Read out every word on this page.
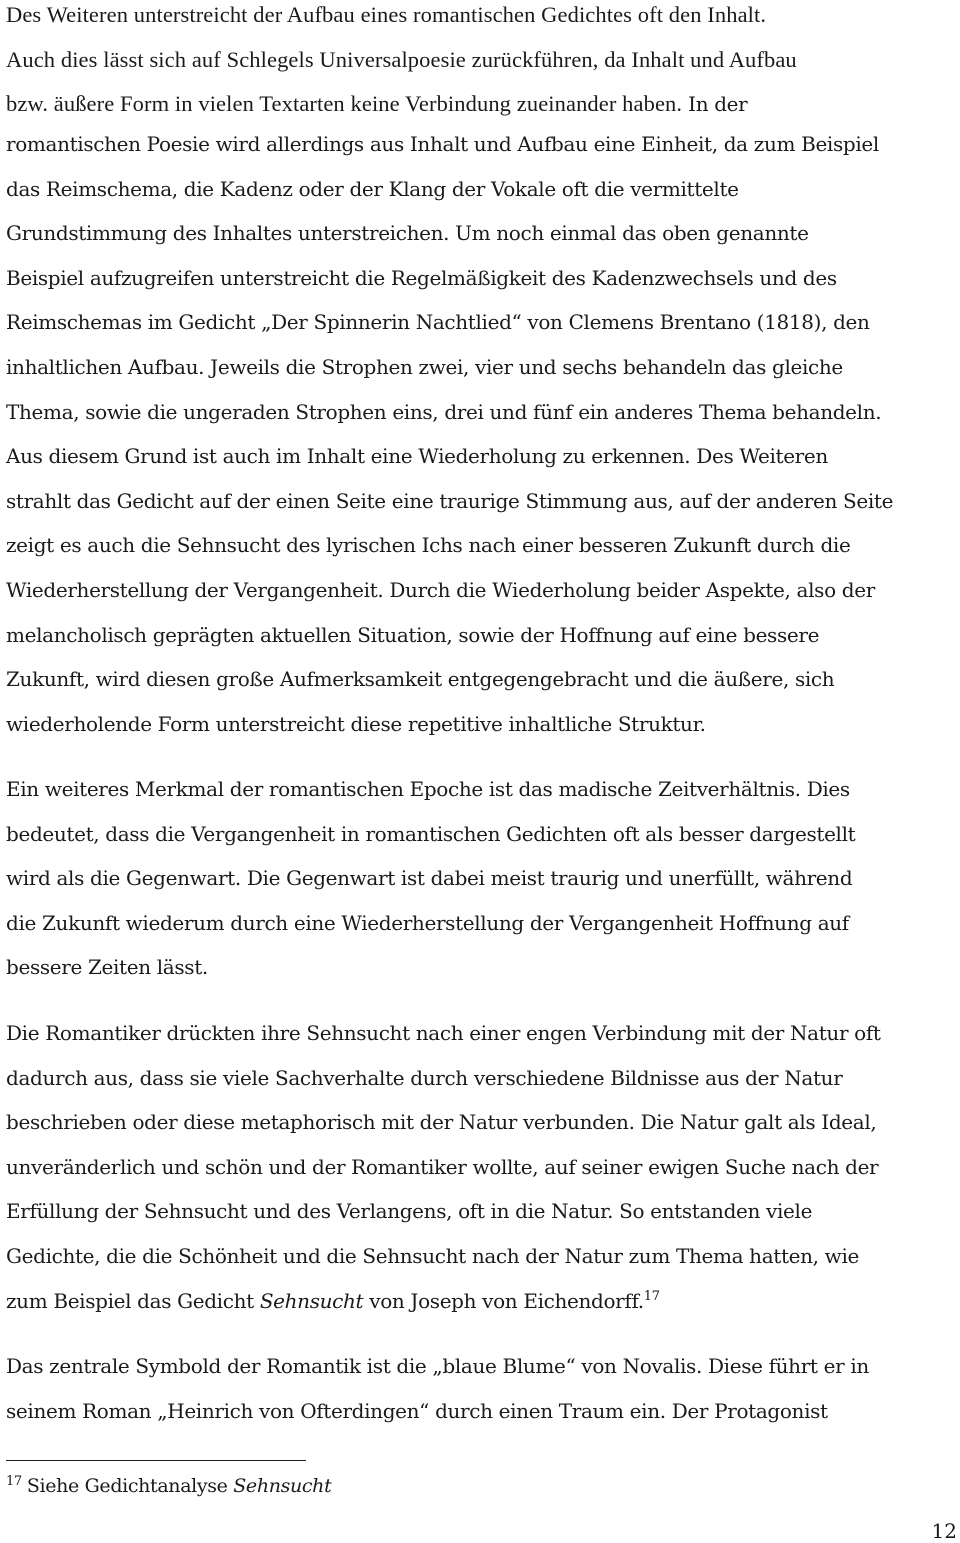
Des Weiteren unterstreicht der Aufbau eines romantischen Gedichtes oft den Inhalt.
Auch dies lässt sich auf Schlegels Universalpoesie zurückführen, da Inhalt und Aufbau
bzw. äußere Form in vielen Textarten keine Verbindung zueinander haben. In der
romantischen Poesie wird allerdings aus Inhalt und Aufbau eine Einheit, da zum Beispiel
das Reimschema, die Kadenz oder der Klang der Vokale oft die vermittelte
Grundstimmung des Inhaltes unterstreichen. Um noch einmal das oben genannte
Beispiel aufzugreifen unterstreicht die Regelmäßigkeit des Kadenzwechsels und des
Reimschemas im Gedicht „Der Spinnerin Nachtlied“ von Clemens Brentano (1818), den
inhaltlichen Aufbau. Jeweils die Strophen zwei, vier und sechs behandeln das gleiche
Thema, sowie die ungeraden Strophen eins, drei und fünf ein anderes Thema behandeln.
Aus diesem Grund ist auch im Inhalt eine Wiederholung zu erkennen. Des Weiteren
strahlt das Gedicht auf der einen Seite eine traurige Stimmung aus, auf der anderen Seite
zeigt es auch die Sehnsucht des lyrischen Ichs nach einer besseren Zukunft durch die
Wiederherstellung der Vergangenheit. Durch die Wiederholung beider Aspekte, also der
melancholisch geprägten aktuellen Situation, sowie der Hoffnung auf eine bessere
Zukunft, wird diesen große Aufmerksamkeit entgegengebracht und die äußere, sich
wiederholende Form unterstreicht diese repetitive inhaltliche Struktur.
Ein weiteres Merkmal der romantischen Epoche ist das madische Zeitverhältnis. Dies
bedeutet, dass die Vergangenheit in romantischen Gedichten oft als besser dargestellt
wird als die Gegenwart. Die Gegenwart ist dabei meist traurig und unerfüllt, während
die Zukunft wiederum durch eine Wiederherstellung der Vergangenheit Hoffnung auf
bessere Zeiten lässt.
Die Romantiker drückten ihre Sehnsucht nach einer engen Verbindung mit der Natur oft
dadurch aus, dass sie viele Sachverhalte durch verschiedene Bildnisse aus der Natur
beschrieben oder diese metaphorisch mit der Natur verbunden. Die Natur galt als Ideal,
unveränderlich und schön und der Romantiker wollte, auf seiner ewigen Suche nach der
Erfüllung der Sehnsucht und des Verlangens, oft in die Natur. So entstanden viele
Gedichte, die die Schönheit und die Sehnsucht nach der Natur zum Thema hatten, wie
zum Beispiel das Gedicht Sehnsucht von Joseph von Eichendorff.$^{17}$
Das zentrale Symbold der Romantik ist die „blaue Blume“ von Novalis. Diese führt er in
seinem Roman „Heinrich von Ofterdingen“ durch einen Traum ein. Der Protagonist
$^{17}$ Siehe Gedichtanalyse Sehnsucht
12
